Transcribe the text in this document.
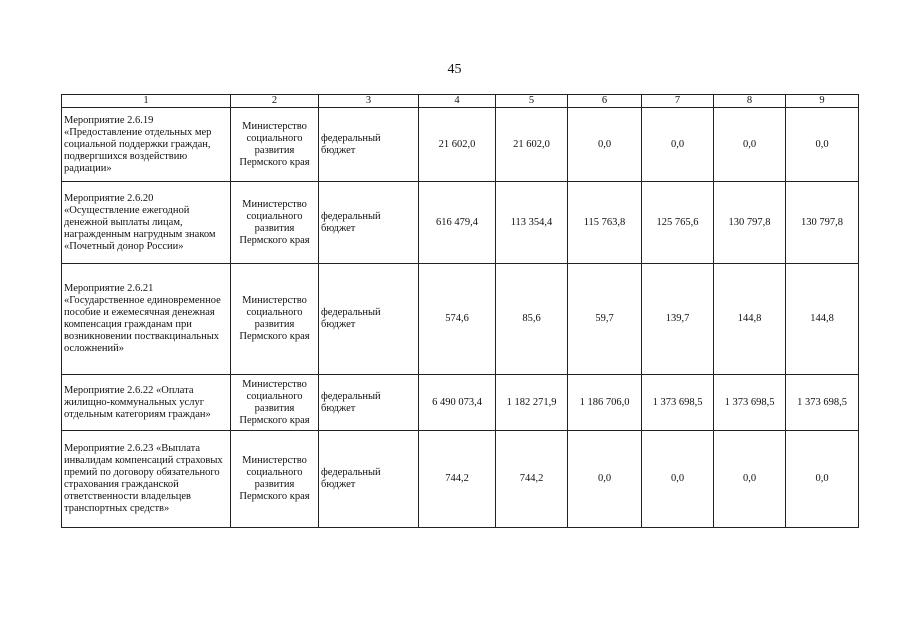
45
1	2	3	4	5	6	7	8	9
Мероприятие 2.6.19 «Предоставление отдельных мер социальной поддержки граждан, подвергшихся воздействию радиации»	Министерство социального развития Пермского края	федеральный бюджет	21 602,0	21 602,0	0,0	0,0	0,0	0,0
Мероприятие 2.6.20 «Осуществление ежегодной денежной выплаты лицам, награжденным нагрудным знаком «Почетный донор России»	Министерство социального развития Пермского края	федеральный бюджет	616 479,4	113 354,4	115 763,8	125 765,6	130 797,8	130 797,8
Мероприятие 2.6.21 «Государственное единовременное пособие и ежемесячная денежная компенсация гражданам при возникновении поствакцинальных осложнений»	Министерство социального развития Пермского края	федеральный бюджет	574,6	85,6	59,7	139,7	144,8	144,8
Мероприятие 2.6.22 «Оплата жилищно-коммунальных услуг отдельным категориям граждан»	Министерство социального развития Пермского края	федеральный бюджет	6 490 073,4	1 182 271,9	1 186 706,0	1 373 698,5	1 373 698,5	1 373 698,5
Мероприятие 2.6.23 «Выплата инвалидам компенсаций страховых премий по договору обязательного страхования гражданской ответственности владельцев транспортных средств»	Министерство социального развития Пермского края	федеральный бюджет	744,2	744,2	0,0	0,0	0,0	0,0
